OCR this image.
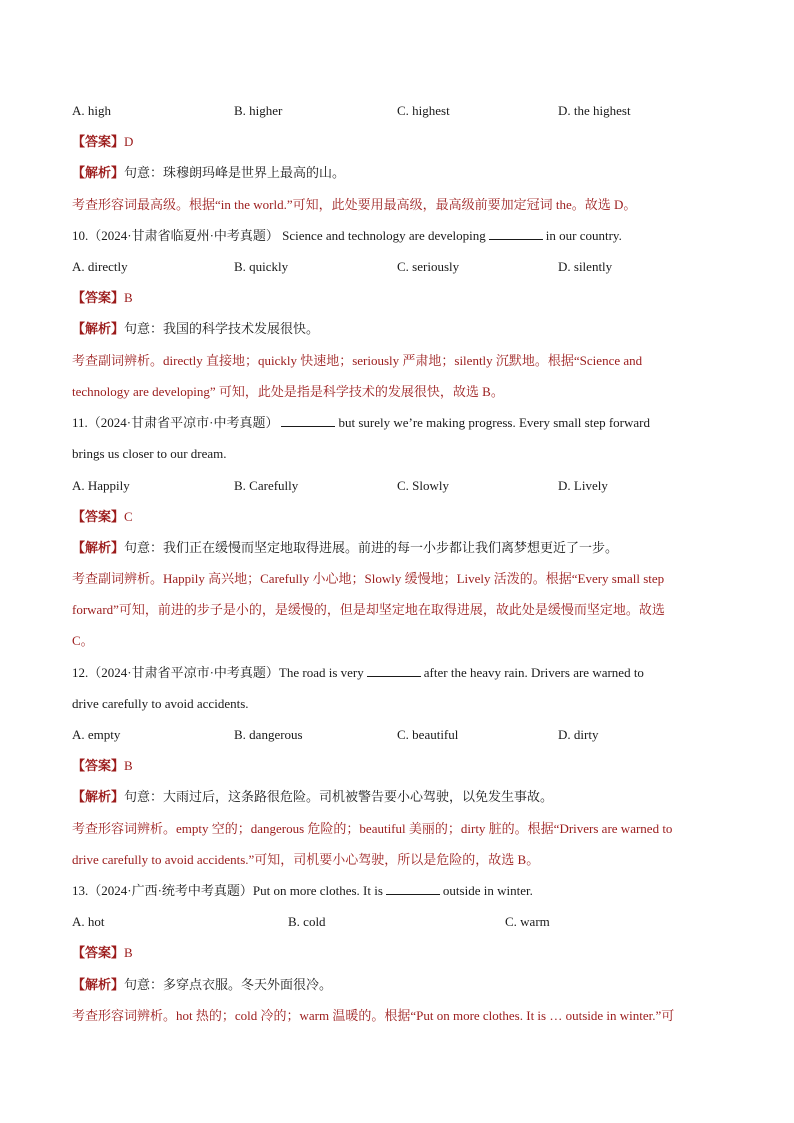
A. high	B. higher	C. highest	D. the highest
【答案】D
【解析】句意：珠穆朗玛峰是世界上最高的山。
考查形容词最高级。根据“in the world.”可知，此处要用最高级，最高级前要加定冠词 the。故选 D。
10.（2024·甘肃省临夏州·中考真题） Science and technology are developing	in our country.
A. directly	B. quickly	C. seriously	D. silently
【答案】B
【解析】句意：我国的科学技术发展很快。
考查副词辨析。directly 直接地；quickly 快速地；seriously 严肃地；silently 沉默地。根据“Science and
technology are developing” 可知，此处是指是科学技术的发展很快，故选 B。
11.（2024·甘肃省平凉市·中考真题）	but surely we’re making progress. Every small step forward
brings us closer to our dream.
A. Happily	B. Carefully	C. Slowly	D. Lively
【答案】C
【解析】句意：我们正在缓慢而坚定地取得进展。前进的每一小步都让我们离梦想更近了一步。
考查副词辨析。Happily 高兴地；Carefully 小心地；Slowly 缓慢地；Lively 活泼的。根据“Every small step
forward”可知，前进的步子是小的，是缓慢的，但是却坚定地在取得进展，故此处是缓慢而坚定地。故选
C。
12.（2024·甘肃省平凉市·中考真题）The road is very	after the heavy rain. Drivers are warned to
drive carefully to avoid accidents.
A. empty	B. dangerous	C. beautiful	D. dirty
【答案】B
【解析】句意：大雨过后，这条路很危险。司机被警告要小心驾驶，以免发生事故。
考查形容词辨析。empty 空的；dangerous 危险的；beautiful 美丽的；dirty 脏的。根据“Drivers are warned to
drive carefully to avoid accidents.”可知，司机要小心驾驶，所以是危险的，故选 B。
13.（2024·广西·统考中考真题）Put on more clothes. It is	outside in winter.
A. hot	B. cold	C. warm
【答案】B
【解析】句意：多穿点衣服。冬天外面很冷。
考查形容词辨析。hot 热的；cold 冷的；warm 温暖的。根据“Put on more clothes. It is … outside in winter.”可
